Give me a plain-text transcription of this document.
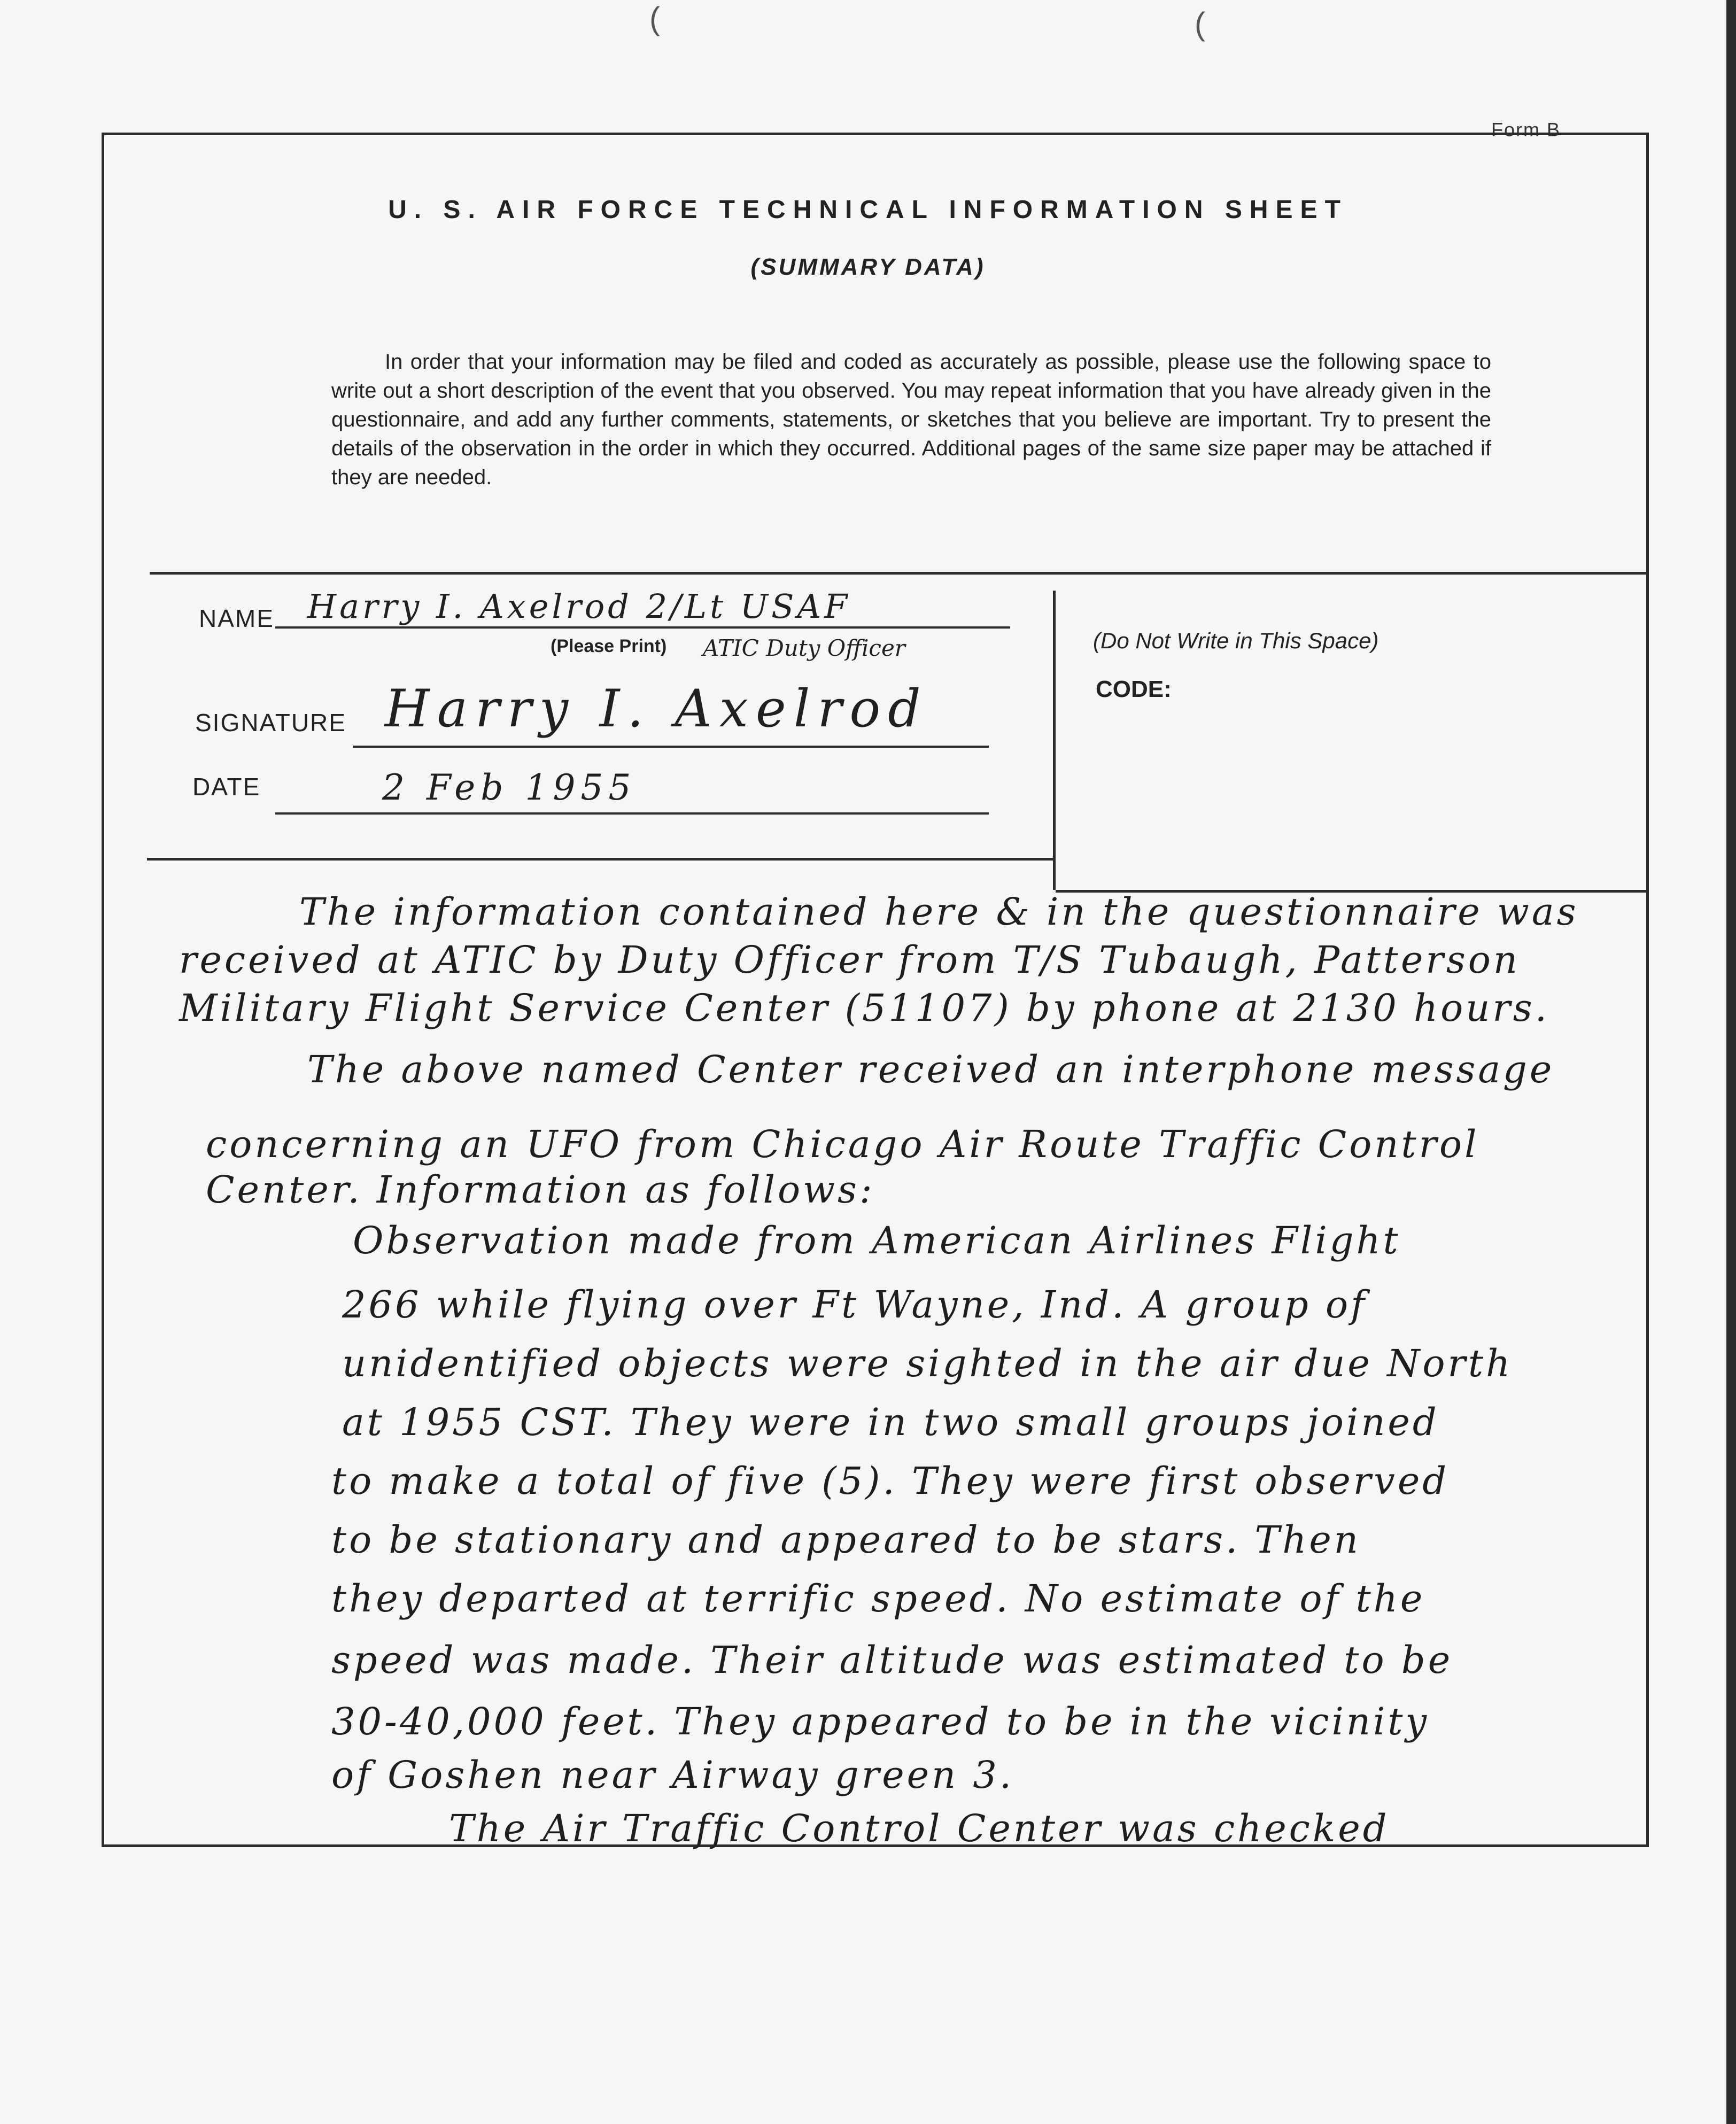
(	(
Form B
U. S. AIR FORCE TECHNICAL INFORMATION SHEET
(SUMMARY DATA)
In order that your information may be filed and coded as accurately as possible, please use the following space to write out a short description of the event that you observed. You may repeat information that you have already given in the questionnaire, and add any further comments, statements, or sketches that you believe are important. Try to present the details of the observation in the order in which they occurred. Additional pages of the same size paper may be attached if they are needed.
NAME Harry I. Axelrod 2/Lt USAF
(Please Print) ATIC Duty Officer
SIGNATURE Harry I. Axelrod
DATE	2 Feb 1955
(Do Not Write in This Space)
CODE:
The information contained here & in the questionnaire was
received at ATIC by Duty Officer from T/S Tubaugh, Patterson
Military Flight Service Center (51107) by phone at 2130 hours.
The above named Center received an interphone message
concerning an UFO from Chicago Air Route Traffic Control
Center. Information as follows:
Observation made from American Airlines Flight
266 while flying over Ft Wayne, Ind. A group of
unidentified objects were sighted in the air due North
at 1955 CST. They were in two small groups joined
to make a total of five (5). They were first observed
to be stationary and appeared to be stars. Then
they departed at terrific speed. No estimate of the
speed was made. Their altitude was estimated to be
30-40,000 feet. They appeared to be in the vicinity
of Goshen near Airway green 3.
The Air Traffic Control Center was checked
